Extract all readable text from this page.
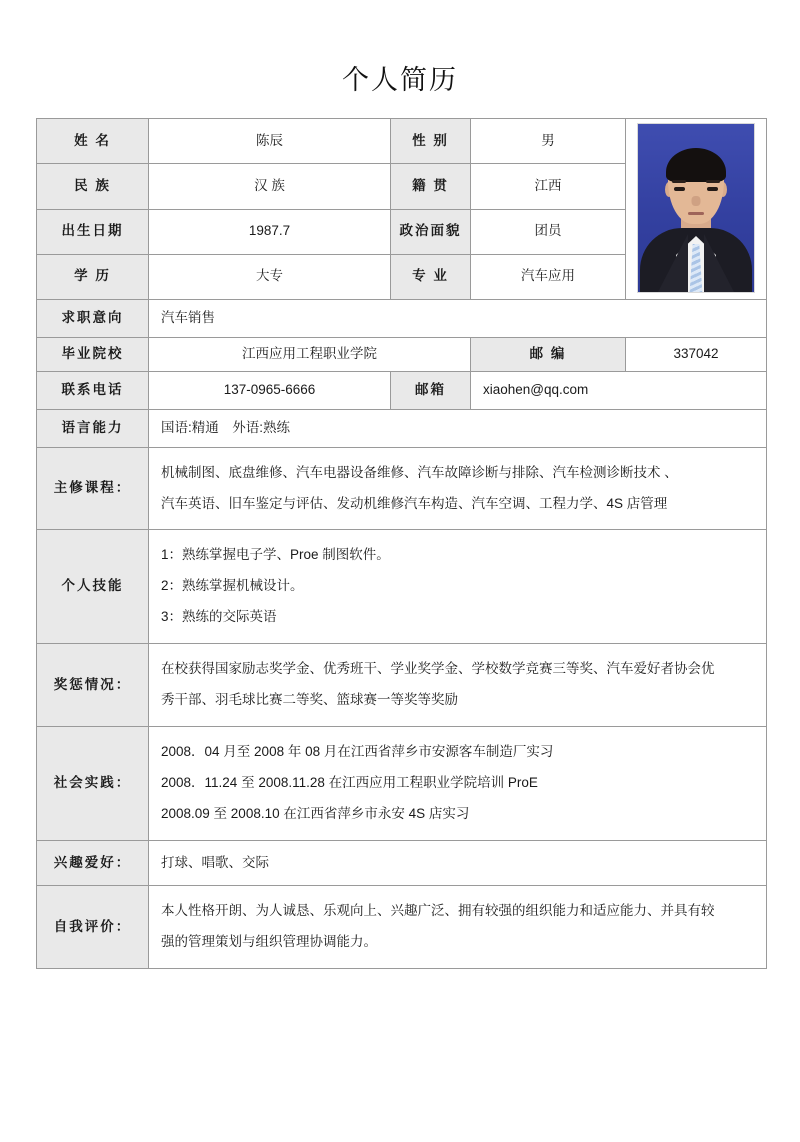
个人简历
姓 名	陈辰	性 别	男	

民 族	汉 族	籍 贯	江西	
出生日期	1987.7	政治面貌	团员	
学 历	大专	专 业	汽车应用	
求职意向	汽车销售			
毕业院校	江西应用工程职业学院		邮 编	337042
联系电话	137-0965-6666	邮箱	xiaohen@qq.com	
语言能力	国语:精通　外语:熟练			
主修课程：	机械制图、底盘维修、汽车电器设备维修、汽车故障诊断与排除、汽车检测诊断技术 、
汽车英语、旧车鉴定与评估、发动机维修汽车构造、汽车空调、工程力学、4S 店管理			

个人技能	1：熟练掌握电子学、Proe 制图软件。
2：熟练掌握机械设计。
3：熟练的交际英语			

奖惩情况：	在校获得国家励志奖学金、优秀班干、学业奖学金、学校数学竞赛三等奖、汽车爱好者协会优
秀干部、羽毛球比赛二等奖、篮球赛一等奖等奖励			

社会实践：	2008．04 月至 2008 年 08 月在江西省萍乡市安源客车制造厂实习
2008．11.24 至 2008.11.28 在江西应用工程职业学院培训 ProE
2008.09 至 2008.10 在江西省萍乡市永安 4S 店实习			

兴趣爱好：	打球、唱歌、交际			

自我评价：	本人性格开朗、为人诚恳、乐观向上、兴趣广泛、拥有较强的组织能力和适应能力、并具有较
强的管理策划与组织管理协调能力。			
